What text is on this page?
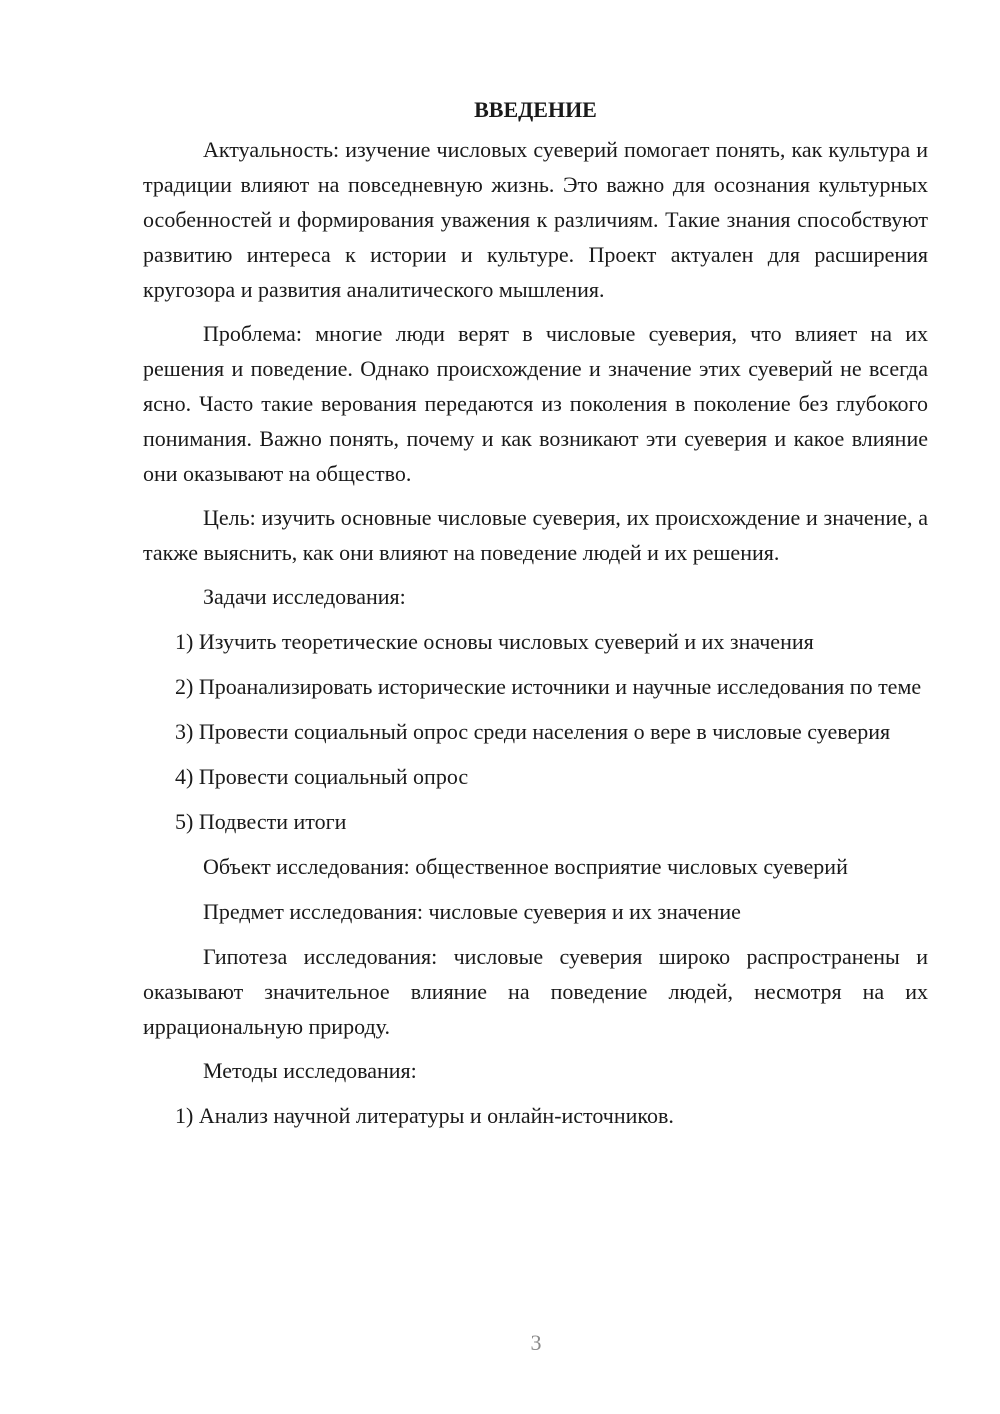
ВВЕДЕНИЕ

Актуальность: изучение числовых суеверий помогает понять, как культура и традиции влияют на повседневную жизнь. Это важно для осознания культурных особенностей и формирования уважения к различиям. Такие знания способствуют развитию интереса к истории и культуре. Проект актуален для расширения кругозора и развития аналитического мышления.

Проблема: многие люди верят в числовые суеверия, что влияет на их решения и поведение. Однако происхождение и значение этих суеверий не всегда ясно. Часто такие верования передаются из поколения в поколение без глубокого понимания. Важно понять, почему и как возникают эти суеверия и какое влияние они оказывают на общество.

Цель: изучить основные числовые суеверия, их происхождение и значение, а также выяснить, как они влияют на поведение людей и их решения.

Задачи исследования:

1) Изучить теоретические основы числовых суеверий и их значения

2) Проанализировать исторические источники и научные исследования по теме

3) Провести социальный опрос среди населения о вере в числовые суеверия

4) Провести социальный опрос

5) Подвести итоги

Объект исследования: общественное восприятие числовых суеверий

Предмет исследования: числовые суеверия и их значение

Гипотеза исследования: числовые суеверия широко распространены и оказывают значительное влияние на поведение людей, несмотря на их иррациональную природу.

Методы исследования:

1) Анализ научной литературы и онлайн-источников.

3
